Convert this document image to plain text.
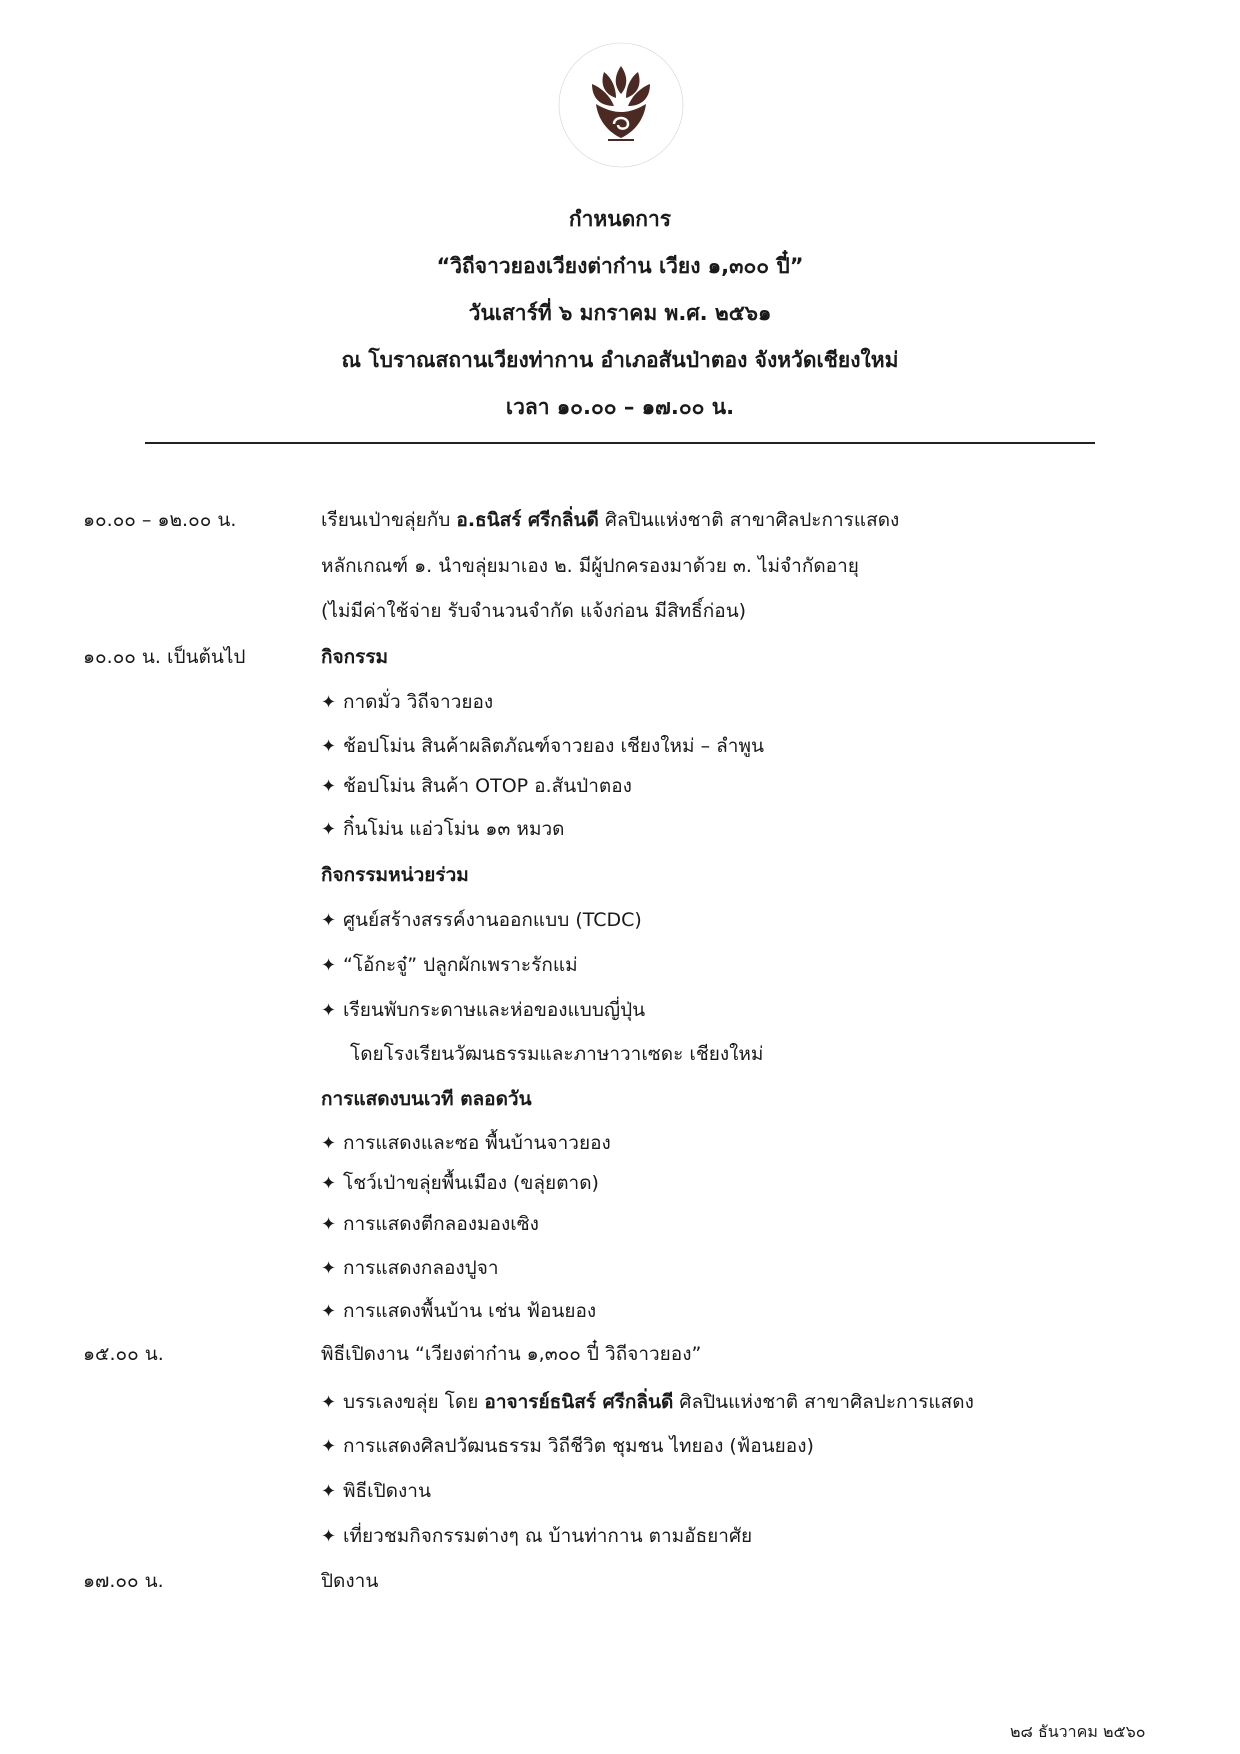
กำหนดการ
“วิถีจาวยองเวียงต่าก๋าน เวียง ๑,๓๐๐ ปี๋”
วันเสาร์ที่ ๖ มกราคม พ.ศ. ๒๕๖๑
ณ โบราณสถานเวียงท่ากาน อำเภอสันป่าตอง จังหวัดเชียงใหม่
เวลา ๑๐.๐๐ – ๑๗.๐๐ น.
๑๐.๐๐ – ๑๒.๐๐ น.	เรียนเป่าขลุ่ยกับ อ.ธนิสร์ ศรีกลิ่นดี ศิลปินแห่งชาติ สาขาศิลปะการแสดง
หลักเกณฑ์ ๑. นำขลุ่ยมาเอง ๒. มีผู้ปกครองมาด้วย ๓. ไม่จำกัดอายุ
(ไม่มีค่าใช้จ่าย รับจำนวนจำกัด แจ้งก่อน มีสิทธิ์ก่อน)
๑๐.๐๐ น. เป็นต้นไป	กิจกรรม
✦ กาดมั่ว วิถีจาวยอง
✦ ช้อปโม่น สินค้าผลิตภัณฑ์จาวยอง เชียงใหม่ – ลำพูน
✦ ช้อปโม่น สินค้า OTOP อ.สันป่าตอง
✦ กิ๋นโม่น แอ่วโม่น ๑๓ หมวด
กิจกรรมหน่วยร่วม
✦ ศูนย์สร้างสรรค์งานออกแบบ (TCDC)
✦ “โอ้กะจู๋” ปลูกผักเพราะรักแม่
✦ เรียนพับกระดาษและห่อของแบบญี่ปุ่น
โดยโรงเรียนวัฒนธรรมและภาษาวาเซดะ เชียงใหม่
การแสดงบนเวที ตลอดวัน
✦ การแสดงและซอ พื้นบ้านจาวยอง
✦ โชว์เป่าขลุ่ยพื้นเมือง (ขลุ่ยตาด)
✦ การแสดงตีกลองมองเซิง
✦ การแสดงกลองปูจา
✦ การแสดงพื้นบ้าน เช่น ฟ้อนยอง
๑๕.๐๐ น.	พิธีเปิดงาน “เวียงต่าก๋าน ๑,๓๐๐ ปี๋ วิถีจาวยอง”
✦ บรรเลงขลุ่ย โดย อาจารย์ธนิสร์ ศรีกลิ่นดี ศิลปินแห่งชาติ สาขาศิลปะการแสดง
✦ การแสดงศิลปวัฒนธรรม วิถีชีวิต ชุมชน ไทยอง (ฟ้อนยอง)
✦ พิธีเปิดงาน
✦ เที่ยวชมกิจกรรมต่างๆ ณ บ้านท่ากาน ตามอัธยาศัย
๑๗.๐๐ น.	ปิดงาน
๒๘ ธันวาคม ๒๕๖๐
